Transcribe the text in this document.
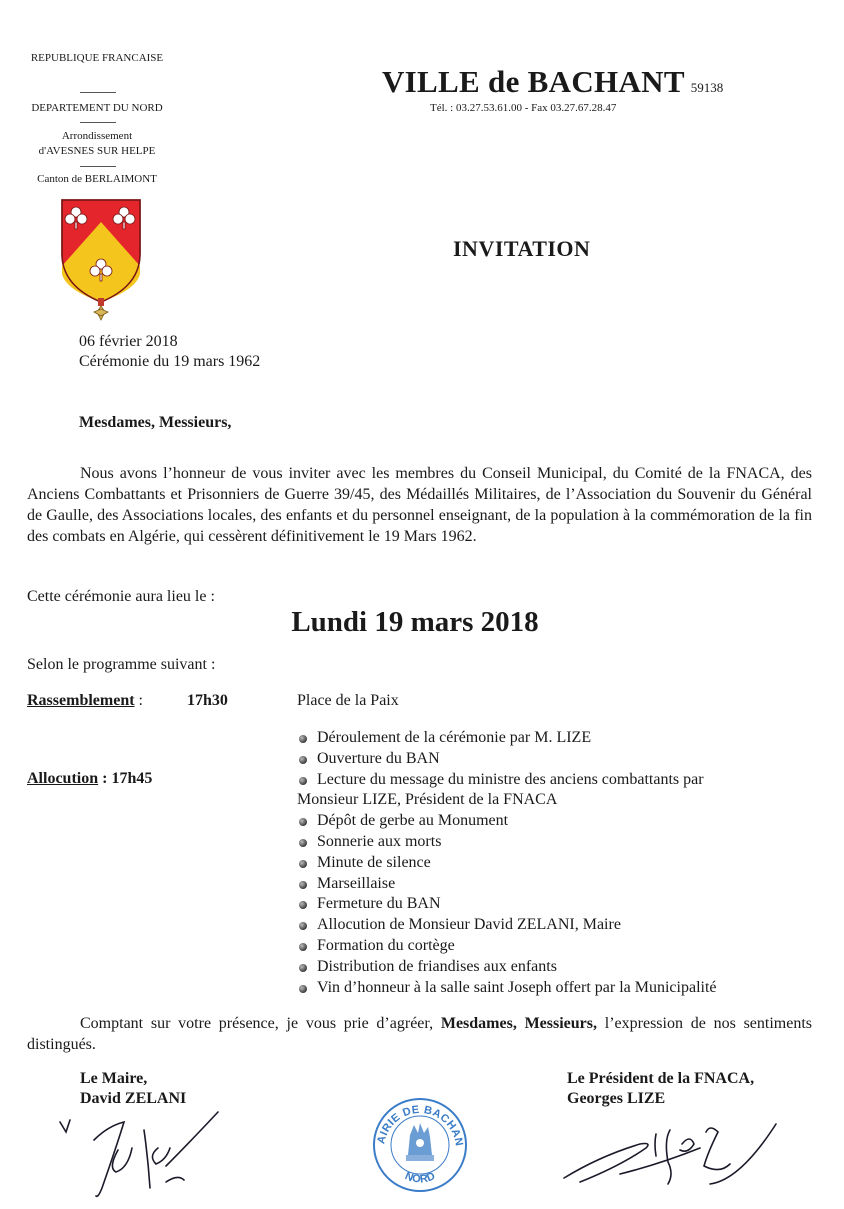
REPUBLIQUE FRANCAISE
DEPARTEMENT DU NORD
Arrondissement
d'AVESNES SUR HELPE
Canton de BERLAIMONT
VILLE de BACHANT 59138
Tél. : 03.27.53.61.00 - Fax 03.27.67.28.47
INVITATION
06 février 2018
Cérémonie du 19 mars 1962
Mesdames, Messieurs,
Nous avons l’honneur de vous inviter avec les membres du Conseil Municipal, du Comité de la FNACA, des Anciens Combattants et Prisonniers de Guerre 39/45, des Médaillés Militaires, de l’Association du Souvenir du Général de Gaulle, des Associations locales, des enfants et du personnel enseignant, de la population à la commémoration de la fin des combats en Algérie, qui cessèrent définitivement le 19 Mars 1962.
Cette cérémonie aura lieu le :
Lundi 19 mars 2018
Selon le programme suivant :
Rassemblement :	17h30	Place de la Paix
Allocution : 17h45
Déroulement de la cérémonie par M. LIZE
Ouverture du BAN
Lecture du message du ministre des anciens combattants par
Monsieur LIZE, Président de la FNACA
Dépôt de gerbe au Monument
Sonnerie aux morts
Minute de silence
Marseillaise
Fermeture du BAN
Allocution de Monsieur David ZELANI, Maire
Formation du cortège
Distribution de friandises aux enfants
Vin d’honneur à la salle saint Joseph offert par la Municipalité
Comptant sur votre présence, je vous prie d’agréer, Mesdames, Messieurs, l’expression de nos sentiments distingués.
Le Maire,
David ZELANI
Le Président de la FNACA,
Georges LIZE
AIRIE DE BACHAN
NORD
